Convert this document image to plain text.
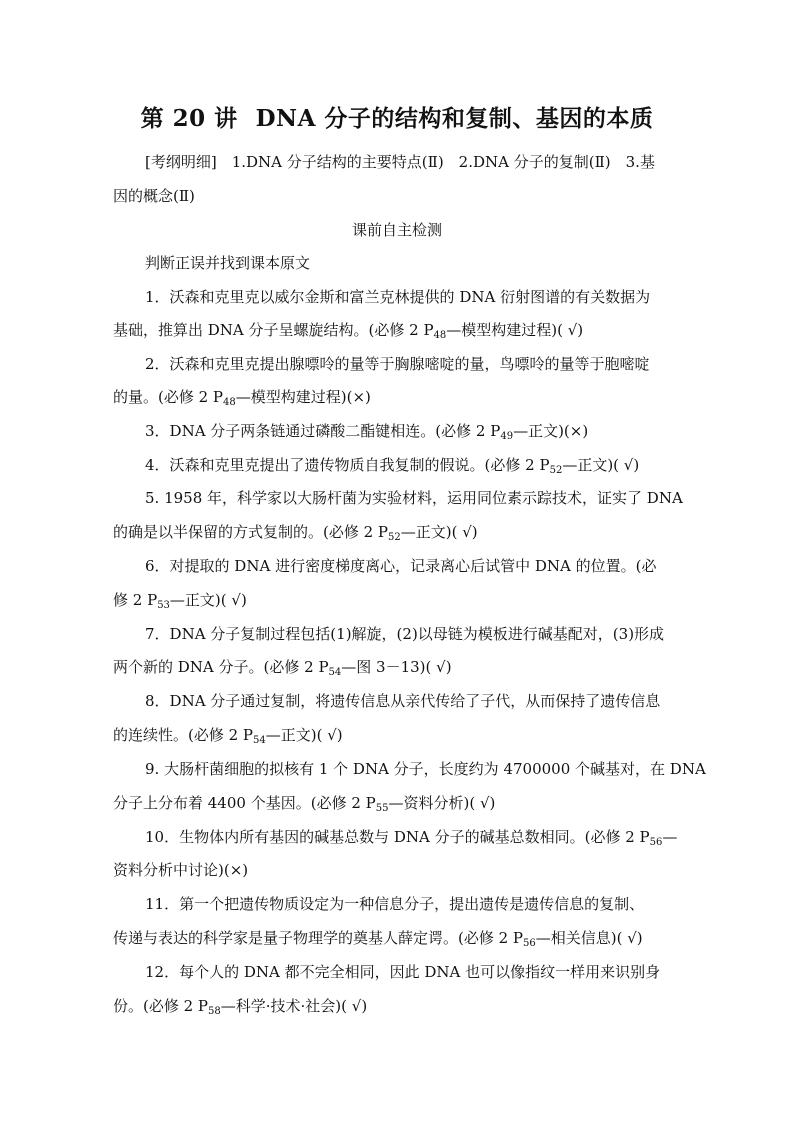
第 20 讲 DNA 分子的结构和复制、基因的本质
[考纲明细]　1.DNA 分子结构的主要特点(Ⅱ)　2.DNA 分子的复制(Ⅱ)　3.基
因的概念(Ⅱ)
课前自主检测
判断正误并找到课本原文
1．沃森和克里克以威尔金斯和富兰克林提供的 DNA 衍射图谱的有关数据为
基础，推算出 DNA 分子呈螺旋结构。(必修 2 $P_{48}—$模型构建过程)( √)
2．沃森和克里克提出腺嘌呤的量等于胸腺嘧啶的量，鸟嘌呤的量等于胞嘧啶
的量。(必修 2 $P_{48}—$模型构建过程)(×)
3．DNA 分子两条链通过磷酸二酯键相连。(必修 2 $P_{49}—$正文)(×)
4．沃森和克里克提出了遗传物质自我复制的假说。(必修 2 $P_{52}—$正文)( √)
5. 1958 年，科学家以大肠杆菌为实验材料，运用同位素示踪技术，证实了 DNA
的确是以半保留的方式复制的。(必修 2 $P_{52}—$正文)( √)
6．对提取的 DNA 进行密度梯度离心，记录离心后试管中 DNA 的位置。(必
修 2 $P_{53}—$正文)( √)
7．DNA 分子复制过程包括(1)解旋，(2)以母链为模板进行碱基配对，(3)形成
两个新的 DNA 分子。(必修 2 $P_{54}—$图 3－13)( √)
8．DNA 分子通过复制，将遗传信息从亲代传给了子代，从而保持了遗传信息
的连续性。(必修 2 $P_{54}—$正文)( √)
9. 大肠杆菌细胞的拟核有 1 个 DNA 分子，长度约为 4700000 个碱基对，在 DNA
分子上分布着 4400 个基因。(必修 2 $P_{55}—$资料分析)( √)
10．生物体内所有基因的碱基总数与 DNA 分子的碱基总数相同。(必修 2 $P_{56}—$
资料分析中讨论)(×)
11．第一个把遗传物质设定为一种信息分子，提出遗传是遗传信息的复制、
传递与表达的科学家是量子物理学的奠基人薛定谔。(必修 2 $P_{56}—$相关信息)( √)
12．每个人的 DNA 都不完全相同，因此 DNA 也可以像指纹一样用来识别身
份。(必修 2 $P_{58}—$科学·技术·社会)( √)
